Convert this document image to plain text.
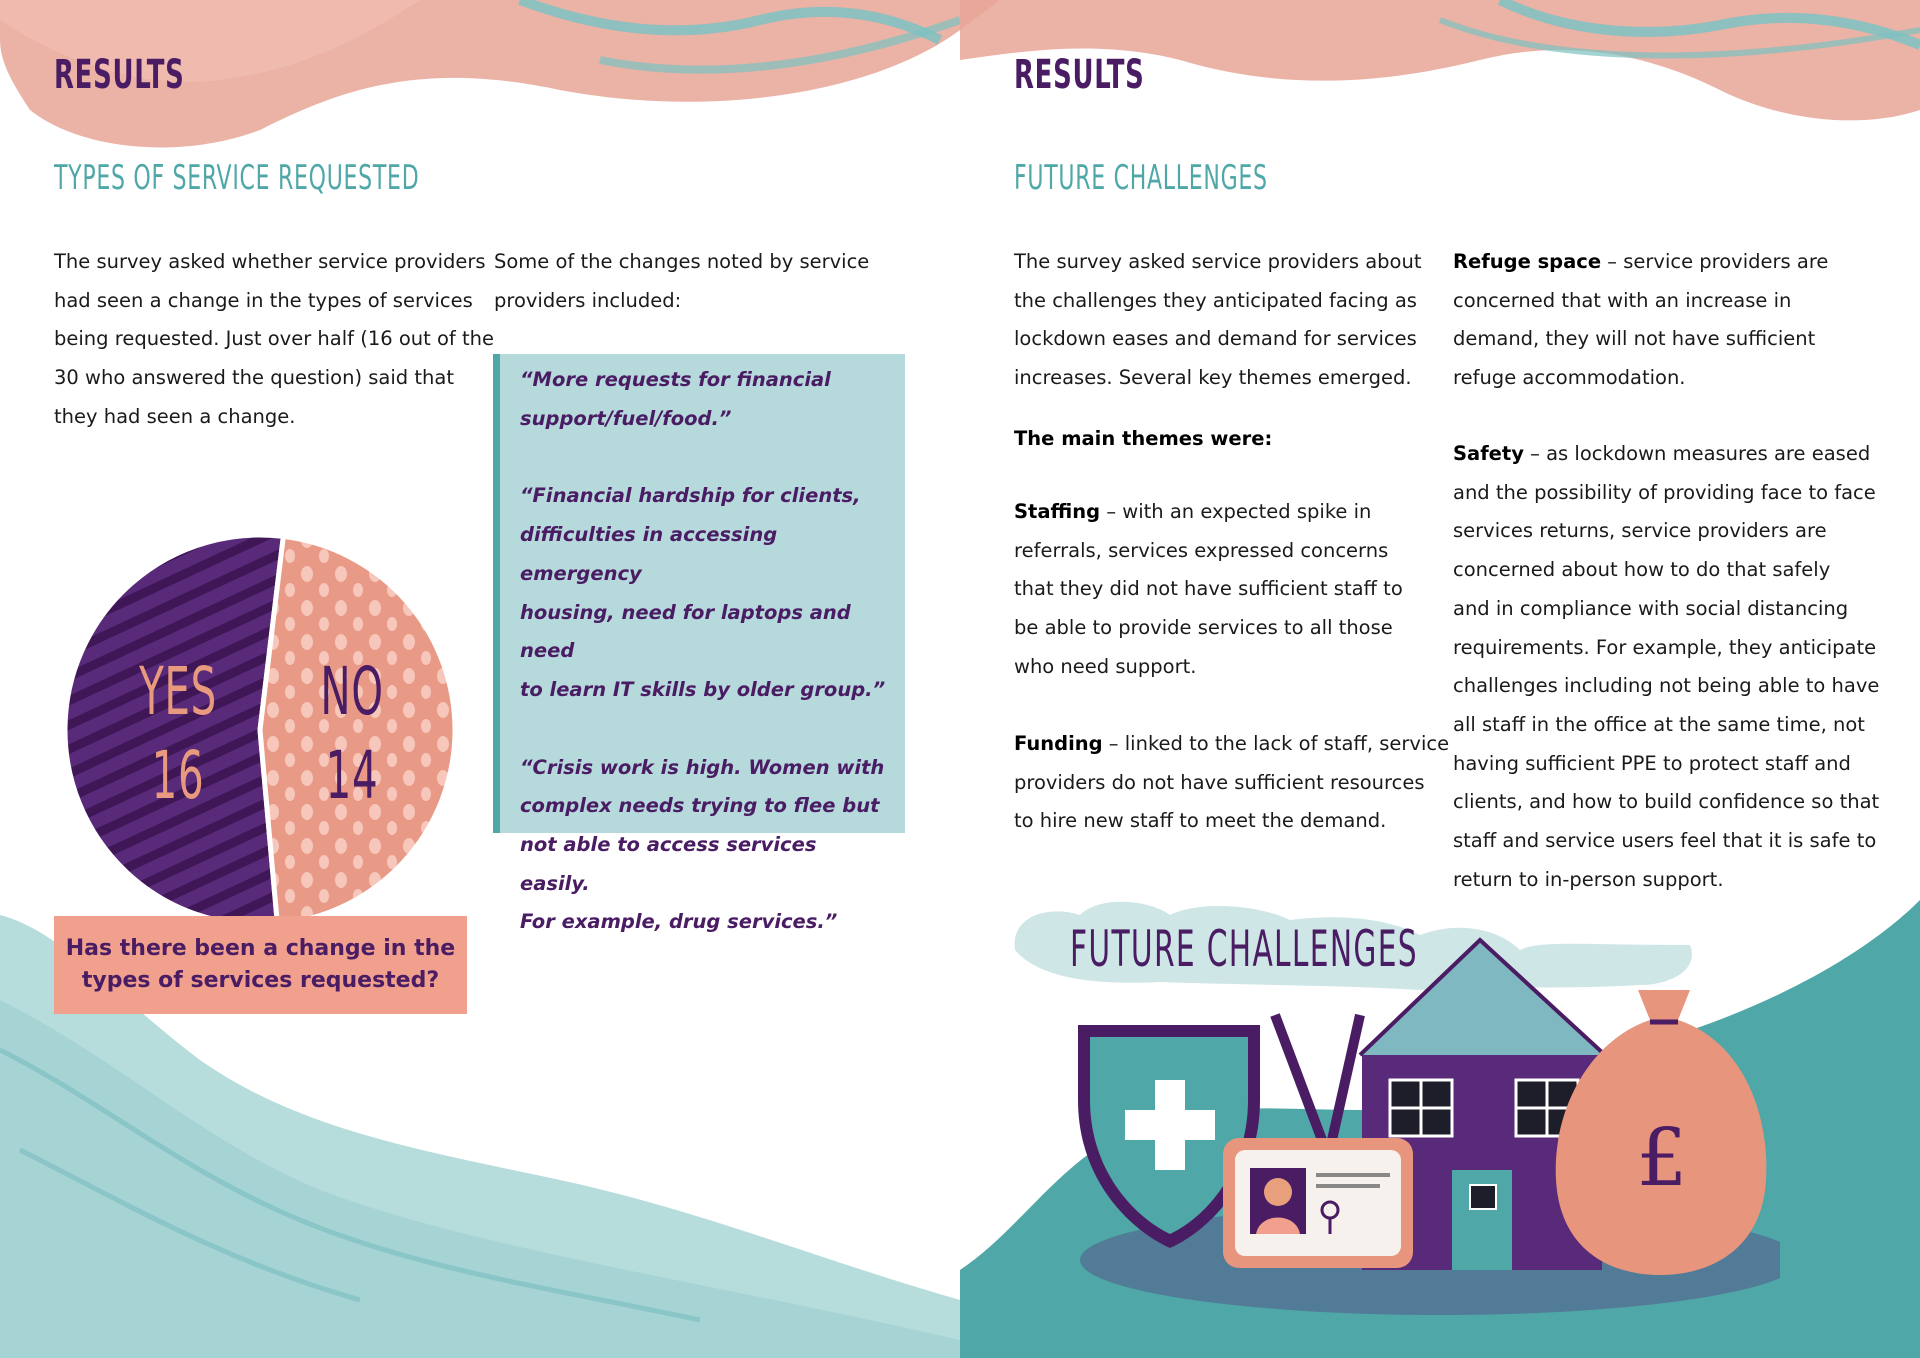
RESULTS	RESULTS
TYPES OF SERVICE REQUESTED	FUTURE CHALLENGES
The survey asked whether service providers
had seen a change in the types of services
being requested. Just over half (16 out of the
30 who answered the question) said that
they had seen a change.
Some of the changes noted by service
providers included:
“More requests for financial
support/fuel/food.”
“Financial hardship for clients,
difficulties in accessing emergency
housing, need for laptops and need
to learn IT skills by older group.”
“Crisis work is high. Women with
complex needs trying to flee but
not able to access services easily.
For example, drug services.”
YES
16
NO
14
Has there been a change in the types of services requested?
The survey asked service providers about
the challenges they anticipated facing as
lockdown eases and demand for services
increases. Several key themes emerged.
The main themes were:
Staffing – with an expected spike in
referrals, services expressed concerns
that they did not have sufficient staff to
be able to provide services to all those
who need support.
Funding – linked to the lack of staff, service
providers do not have sufficient resources
to hire new staff to meet the demand.
Refuge space – service providers are
concerned that with an increase in
demand, they will not have sufficient
refuge accommodation.
Safety – as lockdown measures are eased
and the possibility of providing face to face
services returns, service providers are
concerned about how to do that safely
and in compliance with social distancing
requirements. For example, they anticipate
challenges including not being able to have
all staff in the office at the same time, not
having sufficient PPE to protect staff and
clients, and how to build confidence so that
staff and service users feel that it is safe to
return to in-person support.
FUTURE CHALLENGES
£
